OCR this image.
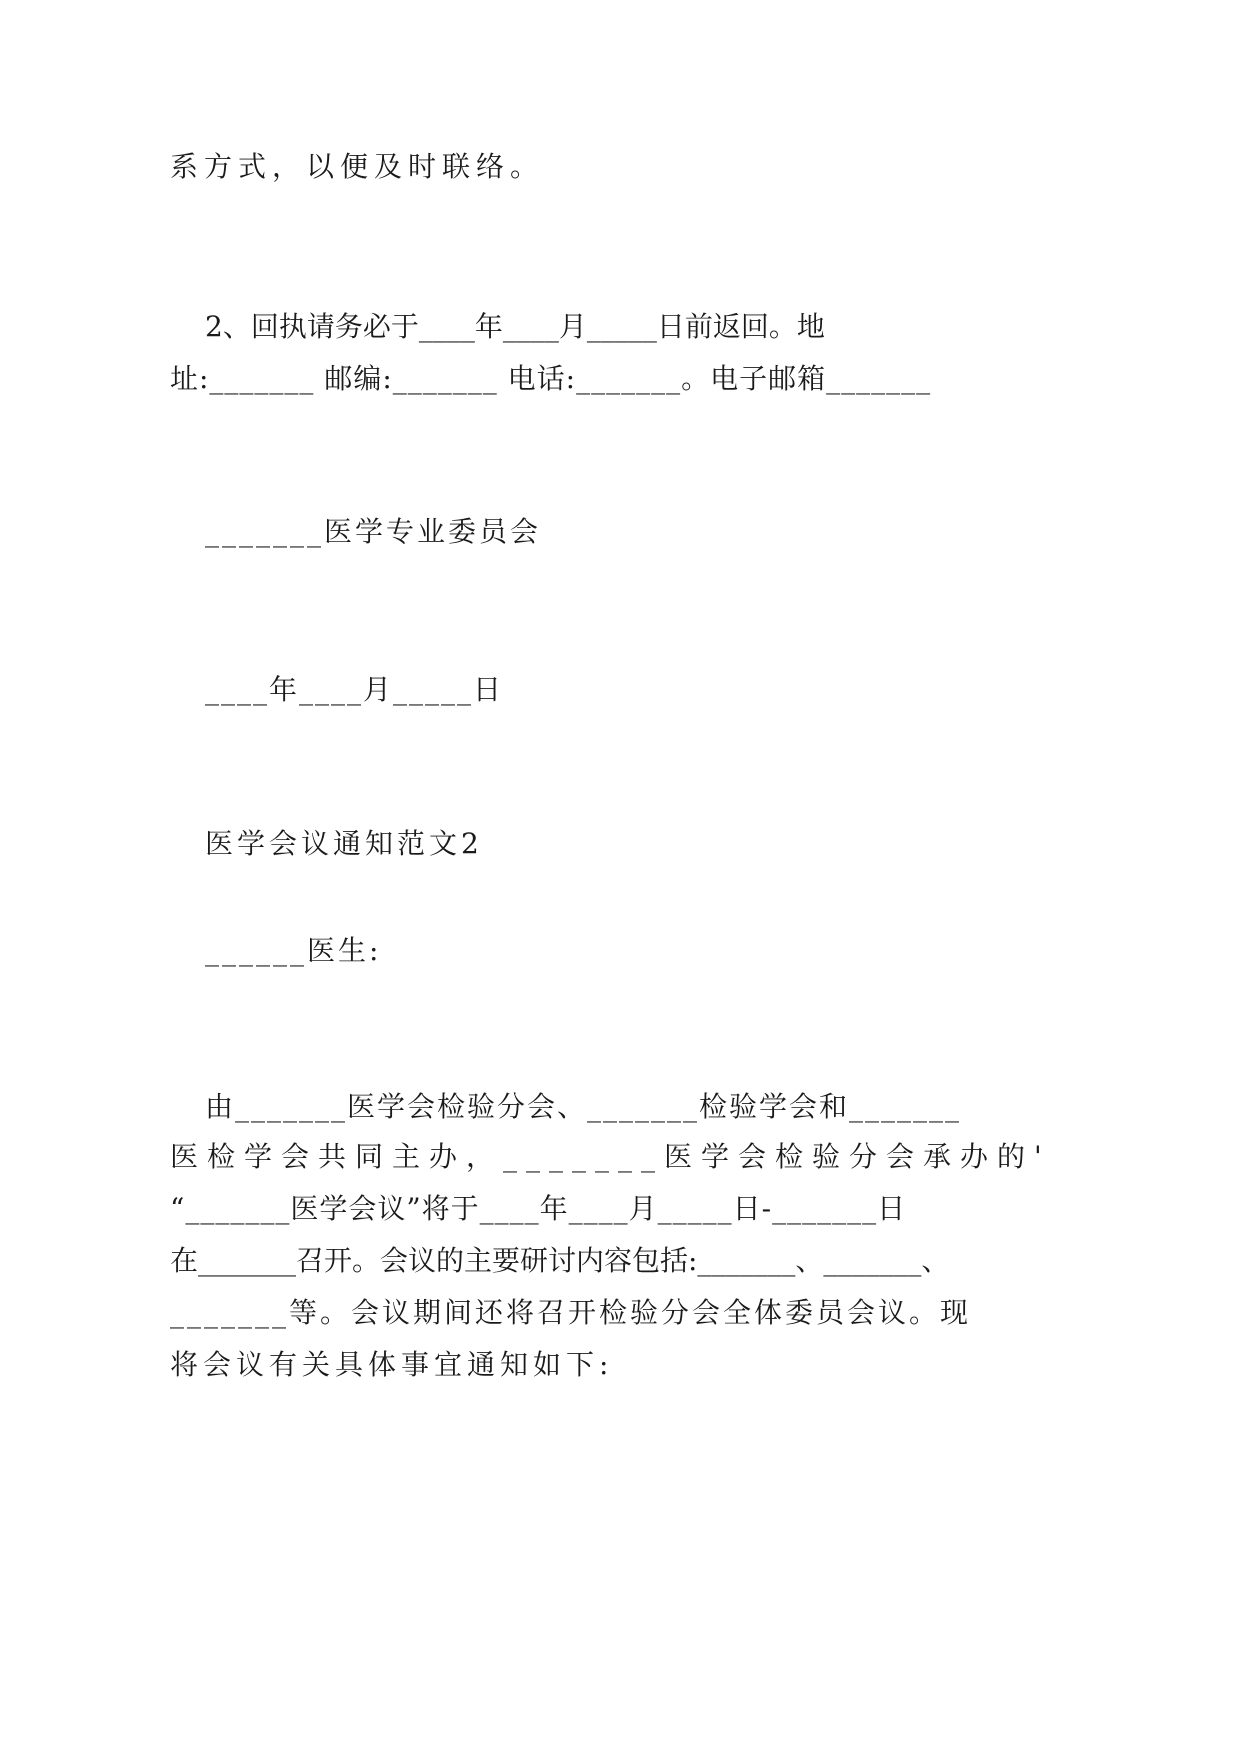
系方式，以便及时联络。
2、回执请务必于____年____月_____日前返回。地
址:_______ 邮编:_______ 电话:_______。电子邮箱_______
_______医学专业委员会
____年____月_____日
医学会议通知范文2
______医生:
由_______医学会检验分会、_______检验学会和_______
医检学会共同主办，_______医学会检验分会承办的'
“_______医学会议”将于____年____月_____日-_______日
在_______召开。会议的主要研讨内容包括:_______、_______、
_______等。会议期间还将召开检验分会全体委员会议。现
将会议有关具体事宜通知如下:
